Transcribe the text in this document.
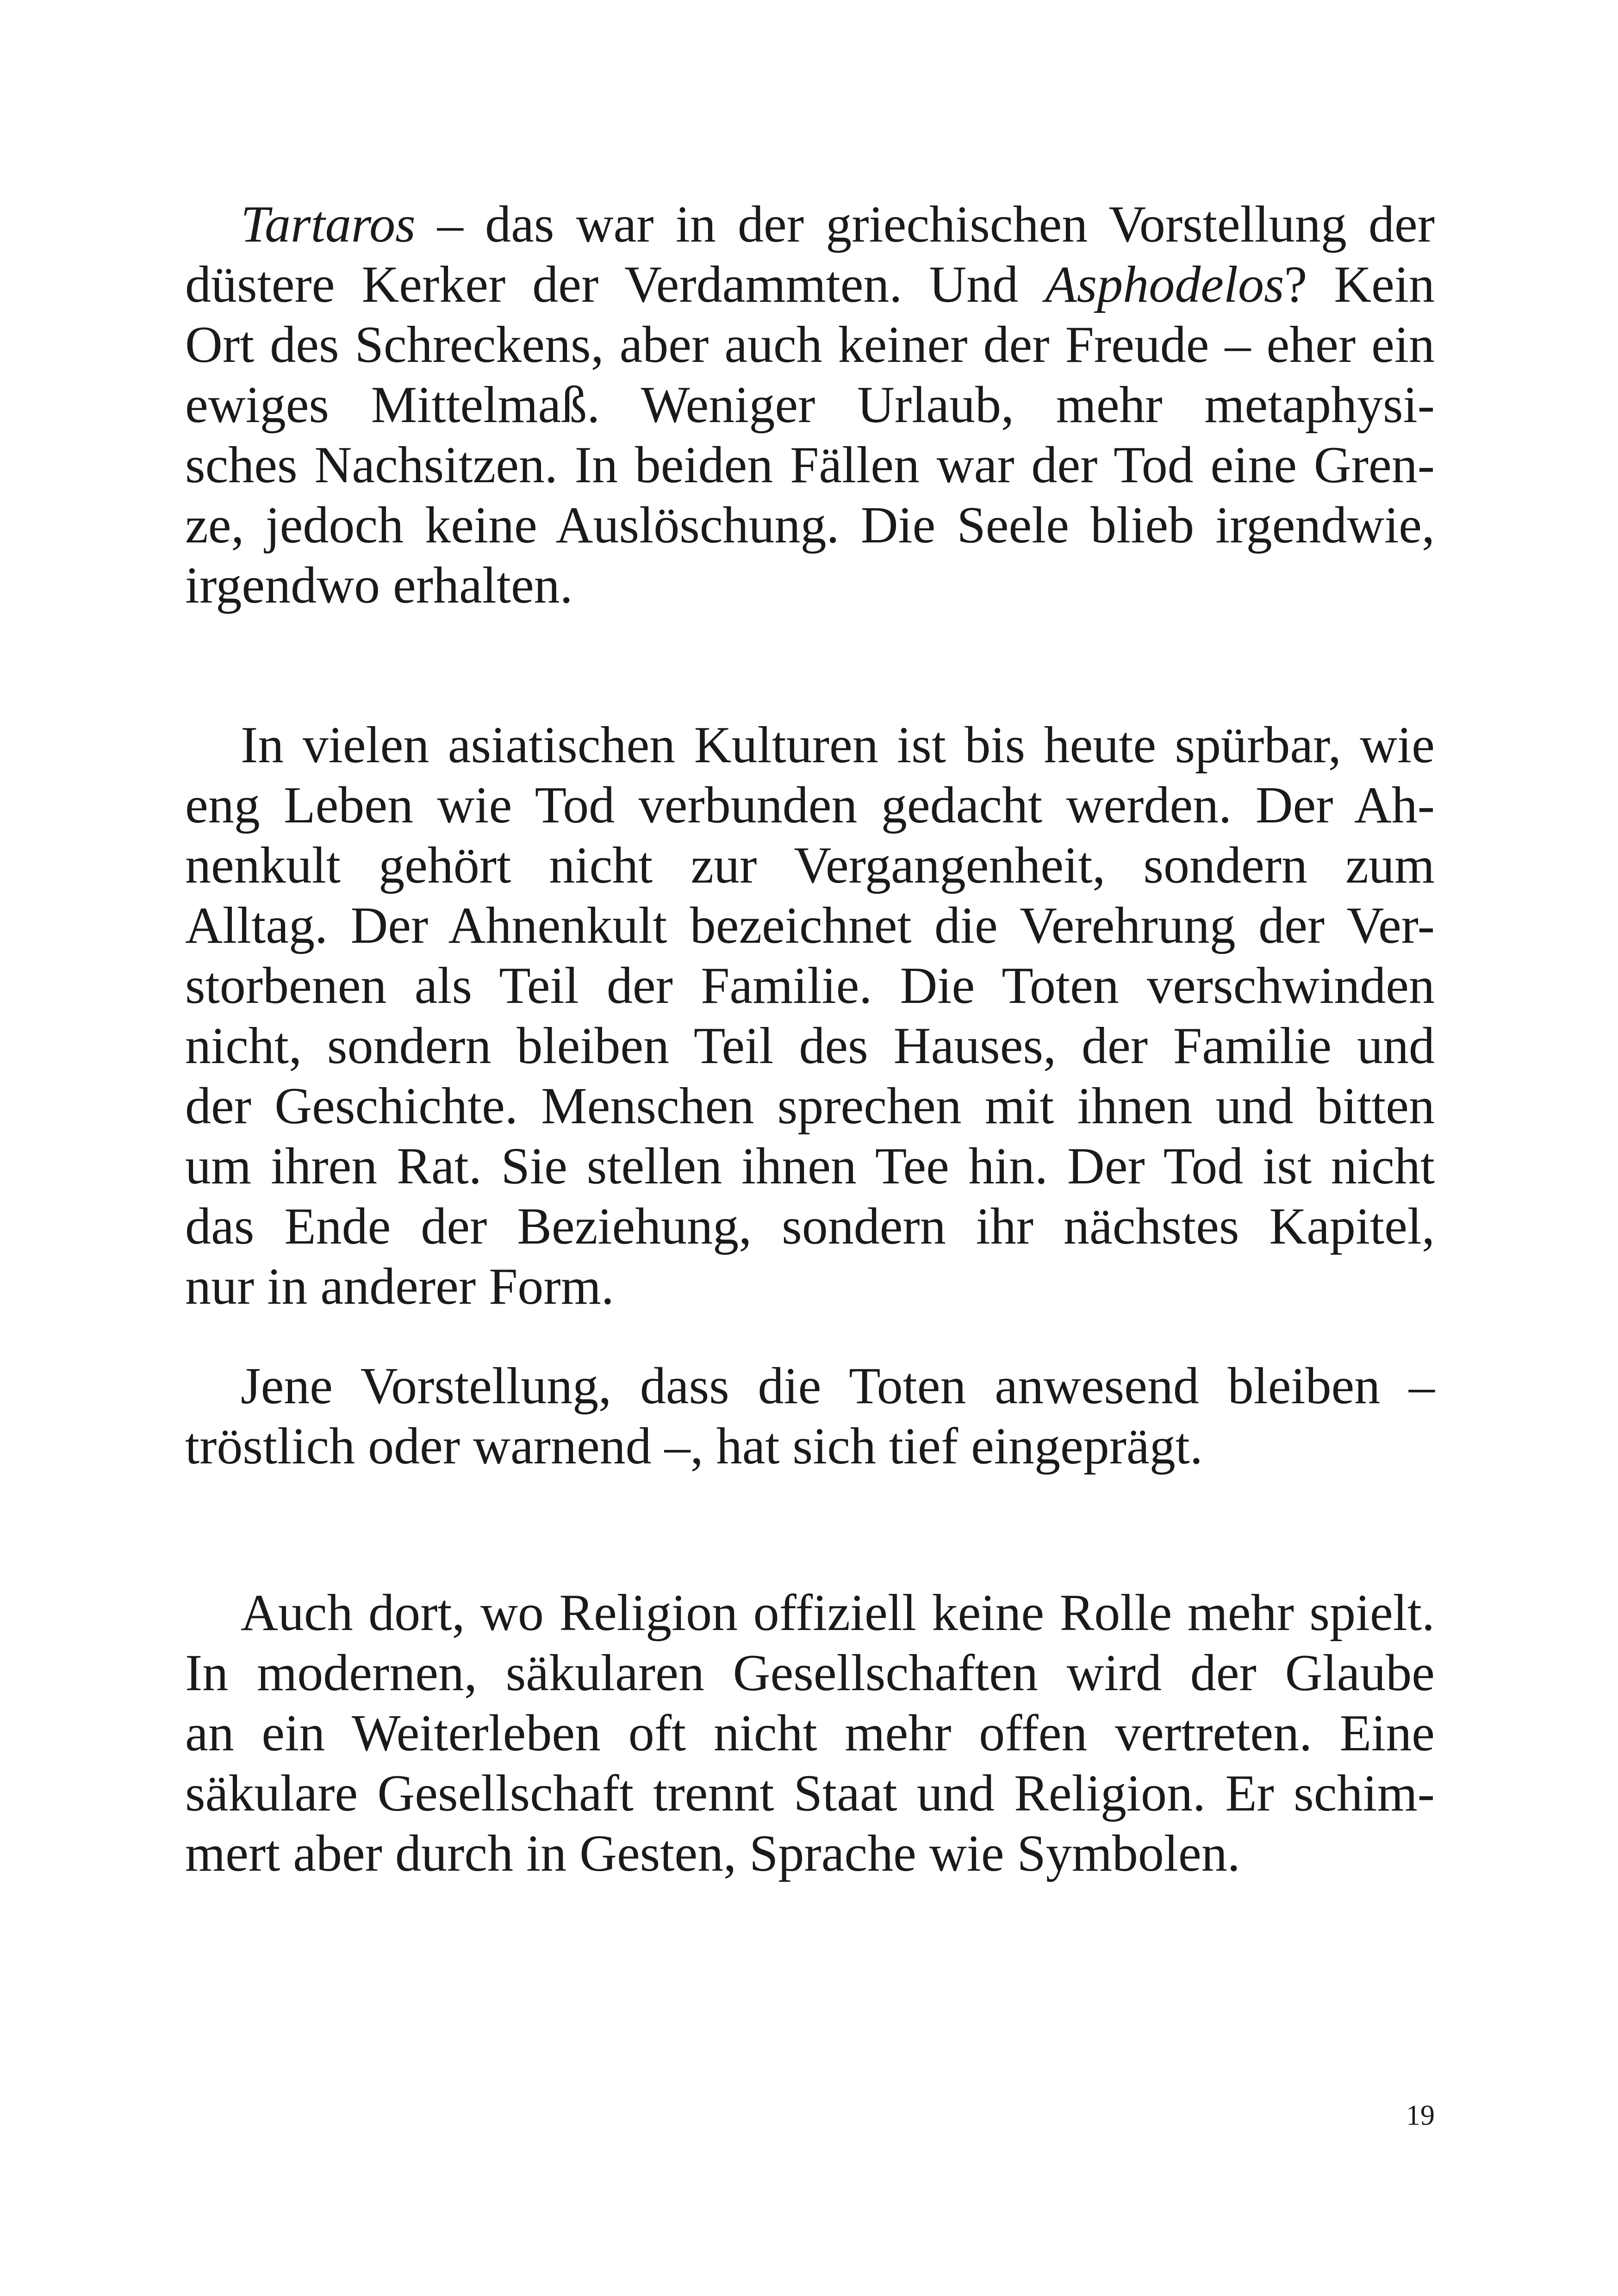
Tartaros – das war in der griechischen Vorstellung der
düstere Kerker der Verdammten. Und Asphodelos? Kein
Ort des Schreckens, aber auch keiner der Freude – eher ein
ewiges Mittelmaß. Weniger Urlaub, mehr metaphysi-
sches Nachsitzen. In beiden Fällen war der Tod eine Gren-
ze, jedoch keine Auslöschung. Die Seele blieb irgendwie,
irgendwo erhalten.
In vielen asiatischen Kulturen ist bis heute spürbar, wie
eng Leben wie Tod verbunden gedacht werden. Der Ah-
nenkult gehört nicht zur Vergangenheit, sondern zum
Alltag. Der Ahnenkult bezeichnet die Verehrung der Ver-
storbenen als Teil der Familie. Die Toten verschwinden
nicht, sondern bleiben Teil des Hauses, der Familie und
der Geschichte. Menschen sprechen mit ihnen und bitten
um ihren Rat. Sie stellen ihnen Tee hin. Der Tod ist nicht
das Ende der Beziehung, sondern ihr nächstes Kapitel,
nur in anderer Form.
Jene Vorstellung, dass die Toten anwesend bleiben –
tröstlich oder warnend –, hat sich tief eingeprägt.
Auch dort, wo Religion offiziell keine Rolle mehr spielt.
In modernen, säkularen Gesellschaften wird der Glaube
an ein Weiterleben oft nicht mehr offen vertreten. Eine
säkulare Gesellschaft trennt Staat und Religion. Er schim-
mert aber durch in Gesten, Sprache wie Symbolen.
19
